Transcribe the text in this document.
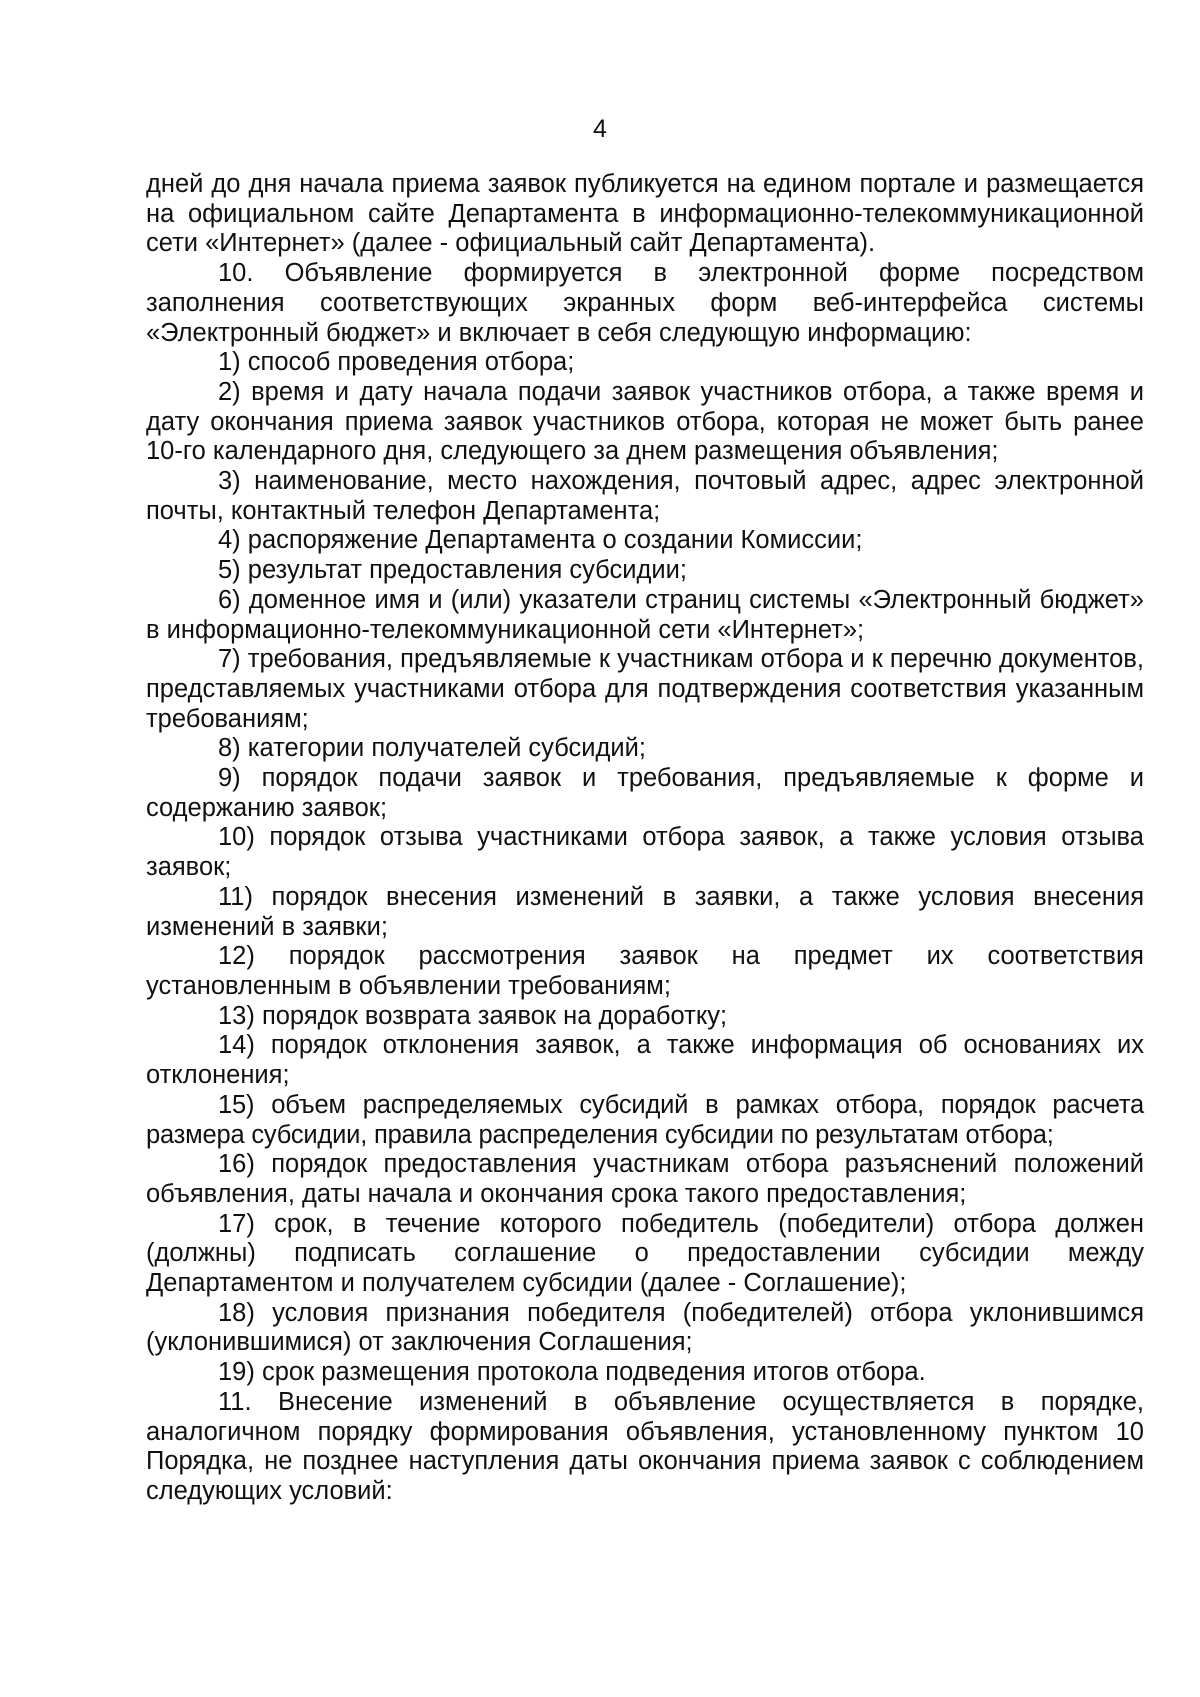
4

дней до дня начала приема заявок публикуется на едином портале и размещается на официальном сайте Департамента в информационно-телекоммуникационной сети «Интернет» (далее - официальный сайт Департамента).

10. Объявление формируется в электронной форме посредством заполнения соответствующих экранных форм веб-интерфейса системы «Электронный бюджет» и включает в себя следующую информацию:

1) способ проведения отбора;

2) время и дату начала подачи заявок участников отбора, а также время и дату окончания приема заявок участников отбора, которая не может быть ранее 10-го календарного дня, следующего за днем размещения объявления;

3) наименование, место нахождения, почтовый адрес, адрес электронной почты, контактный телефон Департамента;

4) распоряжение Департамента о создании Комиссии;

5) результат предоставления субсидии;

6) доменное имя и (или) указатели страниц системы «Электронный бюджет» в информационно-телекоммуникационной сети «Интернет»;

7) требования, предъявляемые к участникам отбора и к перечню документов, представляемых участниками отбора для подтверждения соответствия указанным требованиям;

8) категории получателей субсидий;

9) порядок подачи заявок и требования, предъявляемые к форме и содержанию заявок;

10) порядок отзыва участниками отбора заявок, а также условия отзыва заявок;

11) порядок внесения изменений в заявки, а также условия внесения изменений в заявки;

12) порядок рассмотрения заявок на предмет их соответствия установленным в объявлении требованиям;

13) порядок возврата заявок на доработку;

14) порядок отклонения заявок, а также информация об основаниях их отклонения;

15) объем распределяемых субсидий в рамках отбора, порядок расчета размера субсидии, правила распределения субсидии по результатам отбора;

16) порядок предоставления участникам отбора разъяснений положений объявления, даты начала и окончания срока такого предоставления;

17) срок, в течение которого победитель (победители) отбора должен (должны) подписать соглашение о предоставлении субсидии между Департаментом и получателем субсидии (далее - Соглашение);

18) условия признания победителя (победителей) отбора уклонившимся (уклонившимися) от заключения Соглашения;

19) срок размещения протокола подведения итогов отбора.

11. Внесение изменений в объявление осуществляется в порядке, аналогичном порядку формирования объявления, установленному пунктом 10 Порядка, не позднее наступления даты окончания приема заявок с соблюдением следующих условий:
